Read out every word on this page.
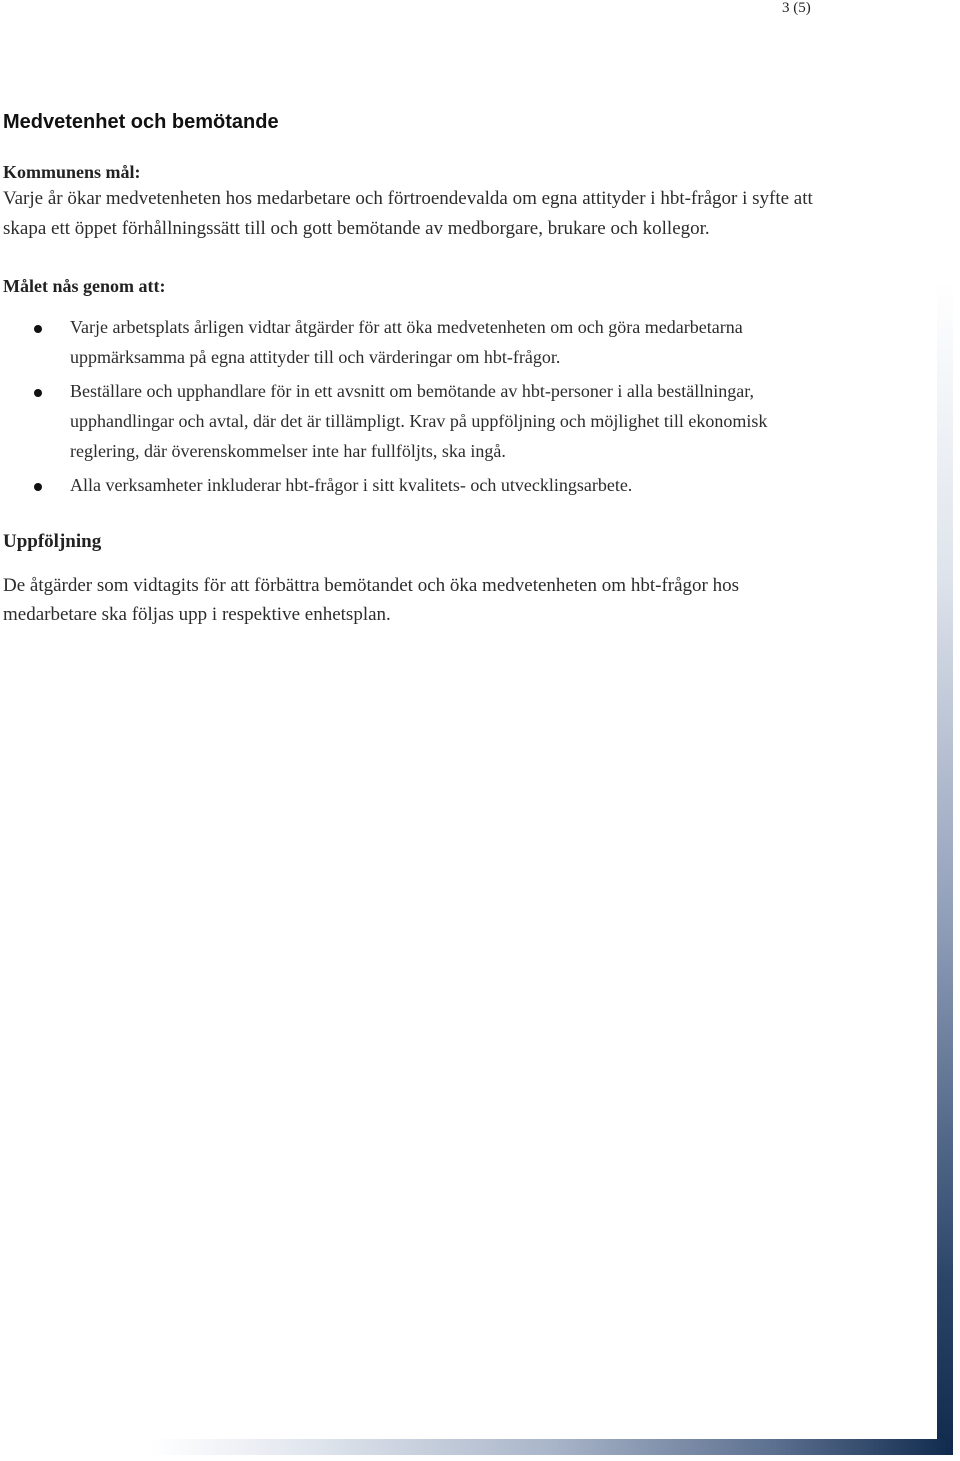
3 (5)
Medvetenhet och bemötande
Kommunens mål:

Varje år ökar medvetenheten hos medarbetare och förtroendevalda om egna attityder i hbt-frågor i syfte att skapa ett öppet förhållningssätt till och gott bemötande av medborgare, brukare och kollegor.

Målet nås genom att:
Varje arbetsplats årligen vidtar åtgärder för att öka medvetenheten om och göra medarbetarna uppmärksamma på egna attityder till och värderingar om hbt-frågor.
Beställare och upphandlare för in ett avsnitt om bemötande av hbt-personer i alla beställningar, upphandlingar och avtal, där det är tillämpligt. Krav på uppföljning och möjlighet till ekonomisk reglering, där överenskommelser inte har fullföljts, ska ingå.
Alla verksamheter inkluderar hbt-frågor i sitt kvalitets- och utvecklingsarbete.
Uppföljning

De åtgärder som vidtagits för att förbättra bemötandet och öka medvetenheten om hbt-frågor hos medarbetare ska följas upp i respektive enhetsplan.
